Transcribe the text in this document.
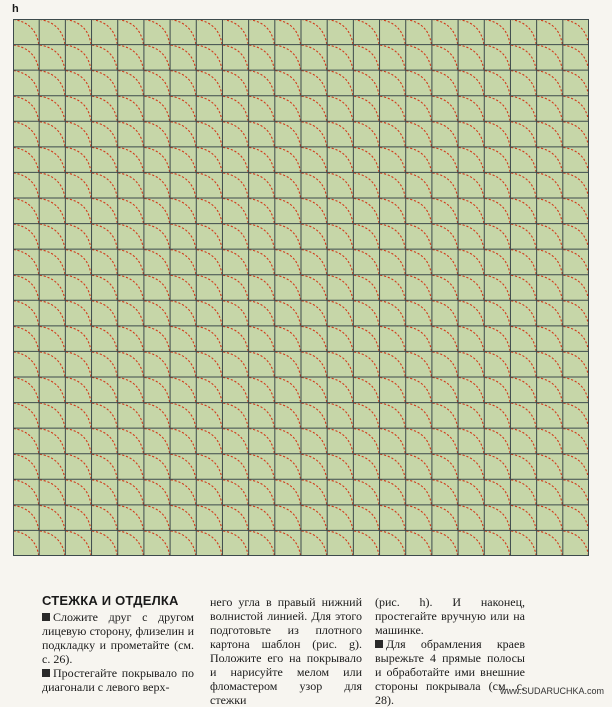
h
СТЕЖКА И ОТДЕЛКА

Сложите друг с другом лицевую сторону, флизелин и подкладку и прометайте (см. с. 26).

Простегайте покрывало по диагонали с левого верх-

него угла в правый нижний волнистой линией. Для этого подготовьте из плотного картона шаблон (рис. g). Положите его на покрывало и нарисуйте мелом или фломастером узор для стежки

(рис. h). И наконец, простегайте вручную или на машинке.

Для обрамления краев вырежьте 4 прямые полосы и обработайте ими внешние стороны покрывала (см. с. 28).

www.SUDARUCHKA.com
